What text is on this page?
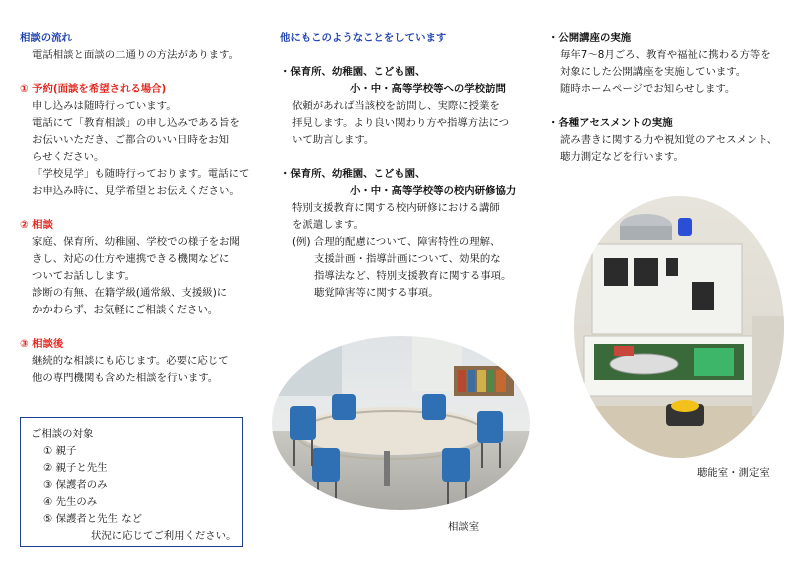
相談の流れ

電話相談と面談の二通りの方法があります。

① 予約(面談を希望される場合)

申し込みは随時行っています。

電話にて「教育相談」の申し込みである旨を

お伝いいただき、ご都合のいい日時をお知

らせください。

「学校見学」も随時行っております。電話にて

お申込み時に、見学希望とお伝えください。

② 相談

家庭、保育所、幼稚園、学校での様子をお聞

きし、対応の仕方や連携できる機関などに

ついてお話しします。

診断の有無、在籍学級(通常級、支援級)に

かかわらず、お気軽にご相談ください。

③ 相談後

継続的な相談にも応じます。必要に応じて

他の専門機関も含めた相談を行います。

ご相談の対象

① 親子

② 親子と先生

③ 保護者のみ

④ 先生のみ

⑤ 保護者と先生 など

状況に応じてご利用ください。

他にもこのようなことをしています

・保育所、幼稚園、こども園、

小・中・高等学校等への学校訪問

依頼があれば当該校を訪問し、実際に授業を

拝見します。より良い関わり方や指導方法につ

いて助言します。

・保育所、幼稚園、こども園、

小・中・高等学校等の校内研修協力

特別支援教育に関する校内研修における講師

を派遣します。

(例) 合理的配慮について、障害特性の理解、

支援計画・指導計画について、効果的な

指導法など、特別支援教育に関する事項。

聴覚障害等に関する事項。

相談室

・公開講座の実施

毎年7～8月ごろ、教育や福祉に携わる方等を

対象にした公開講座を実施しています。

随時ホームページでお知らせします。

・各種アセスメントの実施

読み書きに関する力や視知覚のアセスメント、

聴力測定などを行います。

聴能室・測定室
